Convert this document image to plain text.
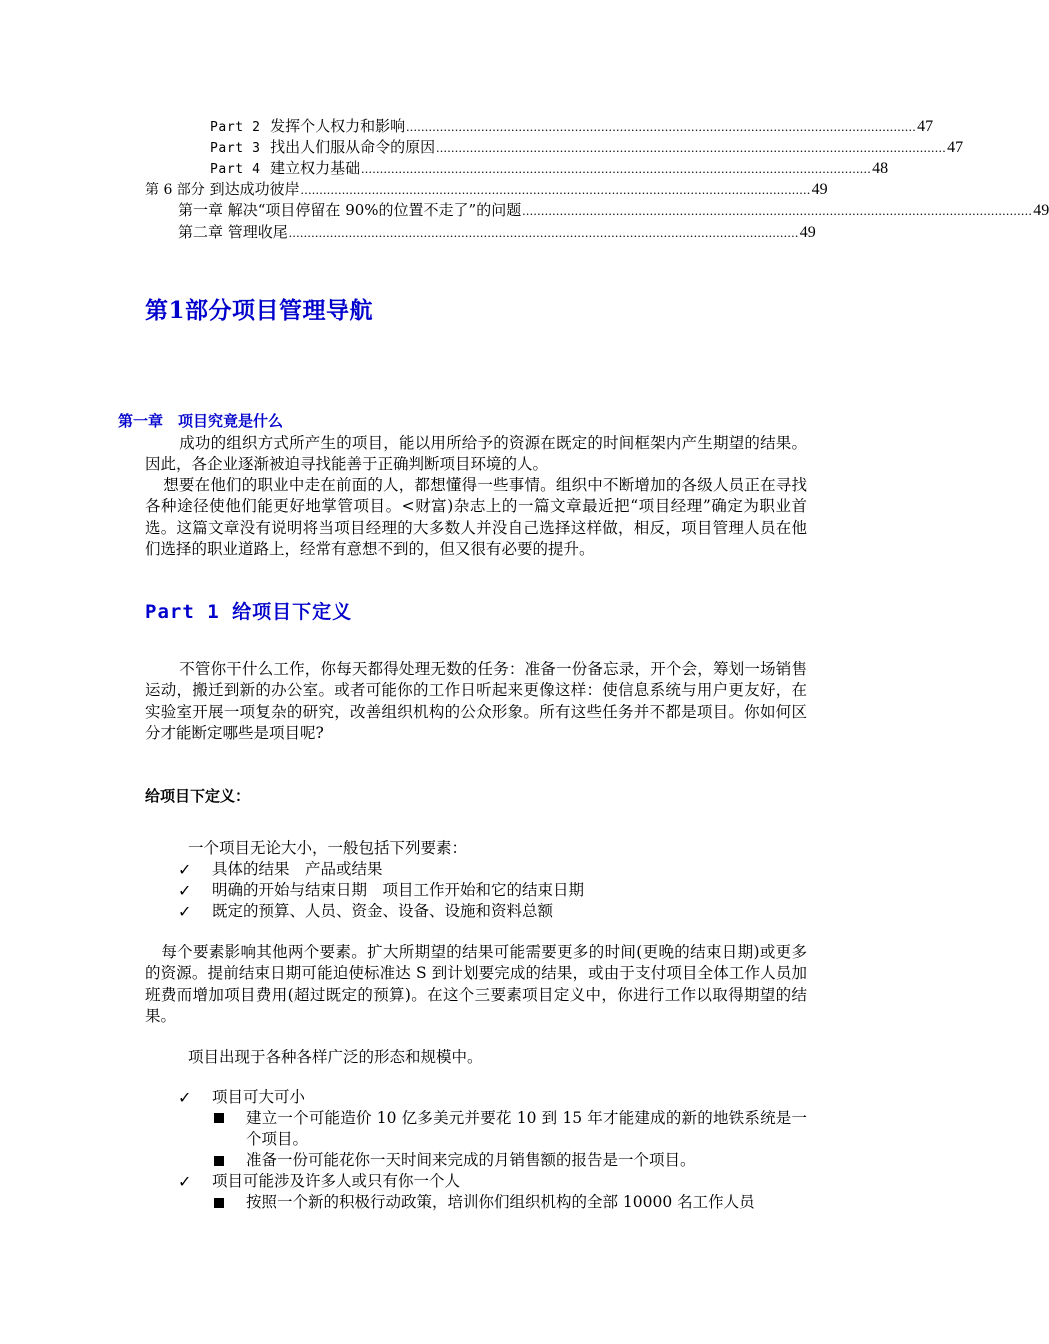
Part 2 发挥个人权力和影响 ........................................................................................................................................ 47
Part 3 找出人们服从命令的原因 ........................................................................................................................................ 47
Part 4 建立权力基础 ........................................................................................................................................ 48
第 6 部分 到达成功彼岸 ........................................................................................................................................ 49
第一章 解决“项目停留在 90%的位置不走了”的问题 ........................................................................................................................................ 49
第二章 管理收尾 ........................................................................................................................................ 49
第1部分项目管理导航
第一章　项目究竟是什么

成功的组织方式所产生的项目，能以用所给予的资源在既定的时间框架内产生期望的结果。因此，各企业逐渐被迫寻找能善于正确判断项目环境的人。

想要在他们的职业中走在前面的人，都想懂得一些事情。组织中不断增加的各级人员正在寻找各种途径使他们能更好地掌管项目。<财富)杂志上的一篇文章最近把“项目经理”确定为职业首选。这篇文章没有说明将当项目经理的大多数人并没自己选择这样做，相反，项目管理人员在他们选择的职业道路上，经常有意想不到的，但又很有必要的提升。

Part 1 给项目下定义

不管你干什么工作，你每天都得处理无数的任务：准备一份备忘录，开个会，筹划一场销售运动，搬迁到新的办公室。或者可能你的工作日听起来更像这样：使信息系统与用户更友好，在实验室开展一项复杂的研究，改善组织机构的公众形象。所有这些任务并不都是项目。你如何区分才能断定哪些是项目呢?

给项目下定义：
一个项目无论大小，一般包括下列要素：
✓ 具体的结果　产品或结果
✓ 明确的开始与结束日期　项目工作开始和它的结束日期
✓ 既定的预算、人员、资金、设备、设施和资料总额

每个要素影响其他两个要素。扩大所期望的结果可能需要更多的时间(更晚的结束日期)或更多的资源。提前结束日期可能迫使标准达 S 到计划要完成的结果，或由于支付项目全体工作人员加班费而增加项目费用(超过既定的预算)。在这个三要素项目定义中，你进行工作以取得期望的结果。

项目出现于各种各样广泛的形态和规模中。
✓ 项目可大可小

建立一个可能造价 10 亿多美元并要花 10 到 15 年才能建成的新的地铁系统是一个项目。

准备一份可能花你一天时间来完成的月销售额的报告是一个项目。
✓ 项目可能涉及许多人或只有你一个人
按照一个新的积极行动政策，培训你们组织机构的全部 10000 名工作人员
